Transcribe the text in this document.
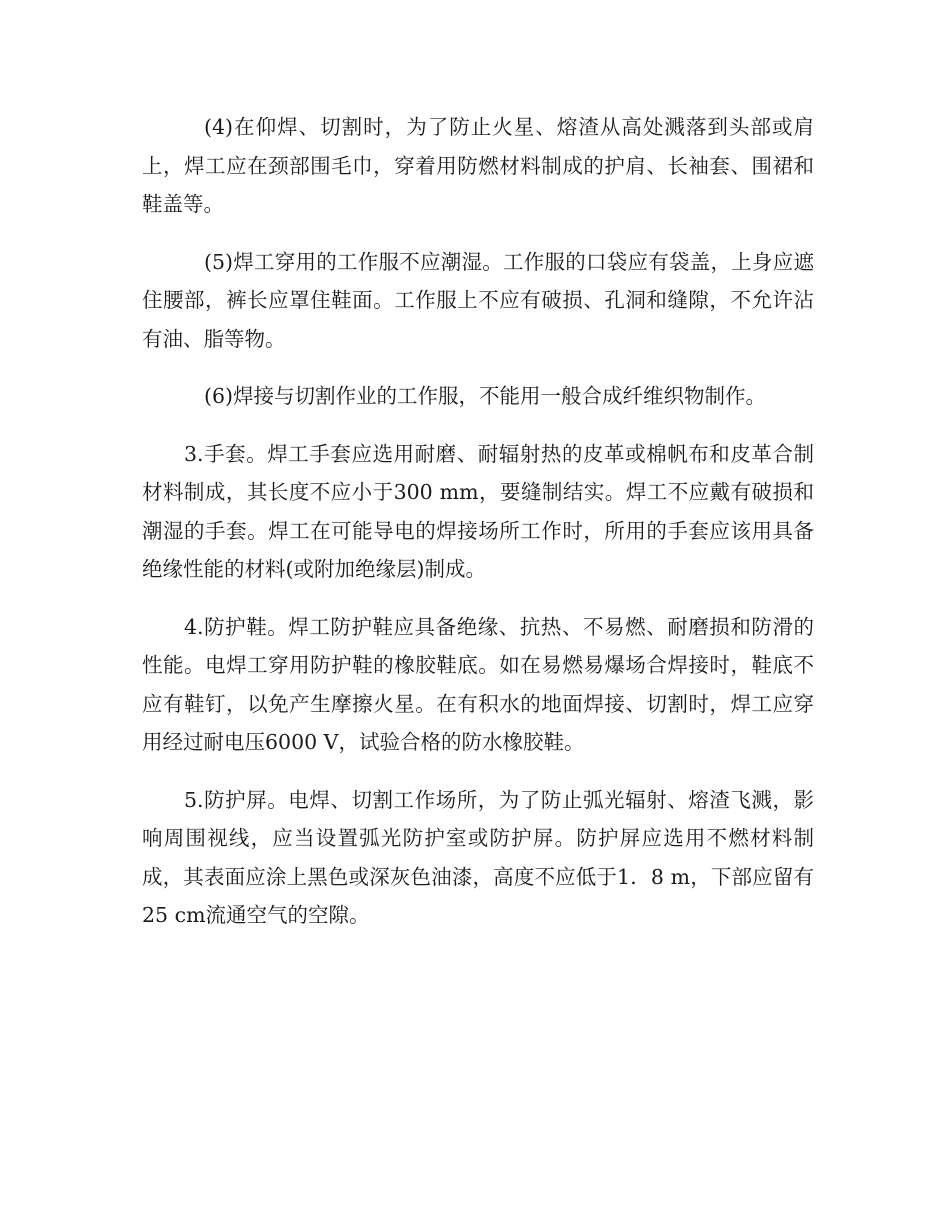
(4)在仰焊、切割时，为了防止火星、熔渣从高处溅落到头部或肩上，焊工应在颈部围毛巾，穿着用防燃材料制成的护肩、长袖套、围裙和鞋盖等。

(5)焊工穿用的工作服不应潮湿。工作服的口袋应有袋盖，上身应遮住腰部，裤长应罩住鞋面。工作服上不应有破损、孔洞和缝隙，不允许沾有油、脂等物。

(6)焊接与切割作业的工作服，不能用一般合成纤维织物制作。

3.手套。焊工手套应选用耐磨、耐辐射热的皮革或棉帆布和皮革合制材料制成，其长度不应小于300 mm，要缝制结实。焊工不应戴有破损和潮湿的手套。焊工在可能导电的焊接场所工作时，所用的手套应该用具备绝缘性能的材料(或附加绝缘层)制成。

4.防护鞋。焊工防护鞋应具备绝缘、抗热、不易燃、耐磨损和防滑的性能。电焊工穿用防护鞋的橡胶鞋底。如在易燃易爆场合焊接时，鞋底不应有鞋钉，以免产生摩擦火星。在有积水的地面焊接、切割时，焊工应穿用经过耐电压6000 V，试验合格的防水橡胶鞋。

5.防护屏。电焊、切割工作场所，为了防止弧光辐射、熔渣飞溅，影响周围视线，应当设置弧光防护室或防护屏。防护屏应选用不燃材料制成，其表面应涂上黑色或深灰色油漆，高度不应低于1．8 m，下部应留有25 cm流通空气的空隙。
